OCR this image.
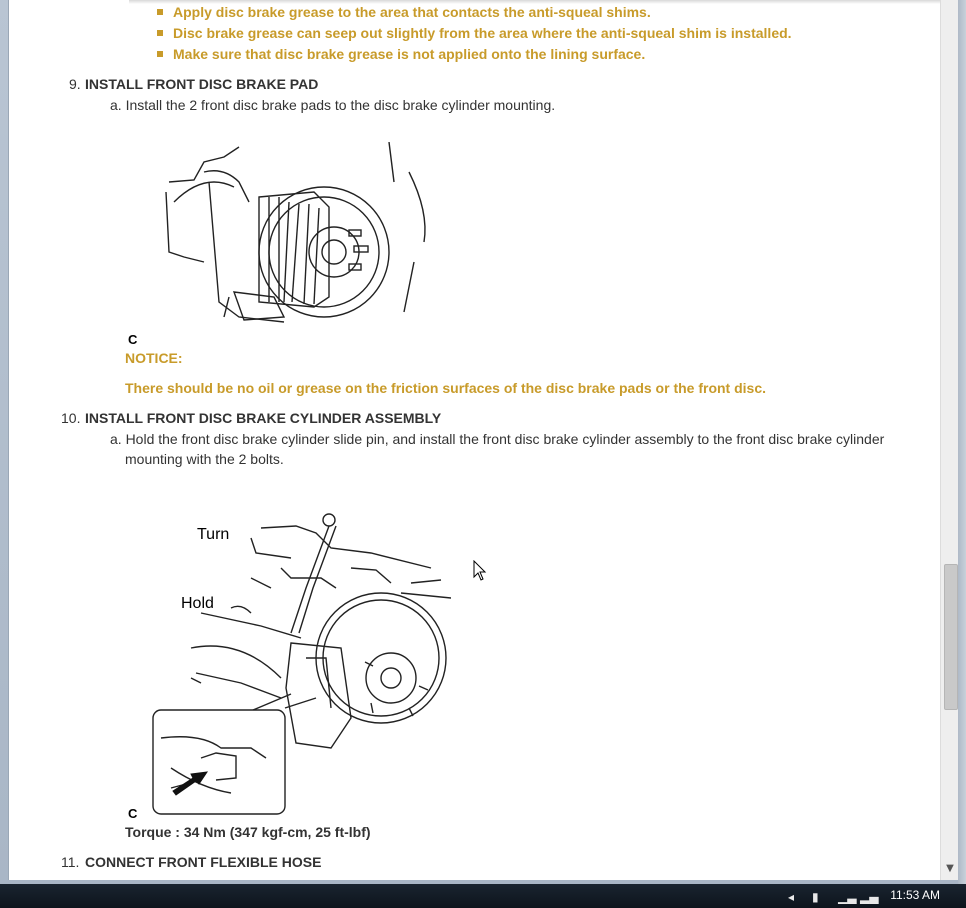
Apply disc brake grease to the area that contacts the anti-squeal shims.
Disc brake grease can seep out slightly from the area where the anti-squeal shim is installed.
Make sure that disc brake grease is not applied onto the lining surface.
9. INSTALL FRONT DISC BRAKE PAD
a. Install the 2 front disc brake pads to the disc brake cylinder mounting.
C
NOTICE:
There should be no oil or grease on the friction surfaces of the disc brake pads or the front disc.
10. INSTALL FRONT DISC BRAKE CYLINDER ASSEMBLY
a. Hold the front disc brake cylinder slide pin, and install the front disc brake cylinder assembly to the front disc brake cylinder
mounting with the 2 bolts.
Turn
Hold
C
Torque : 34 Nm (347 kgf-cm, 25 ft-lbf)
11. CONNECT FRONT FLEXIBLE HOSE	▼
◂ ▮ ▁▃ ▂▄ 11:53 AM
